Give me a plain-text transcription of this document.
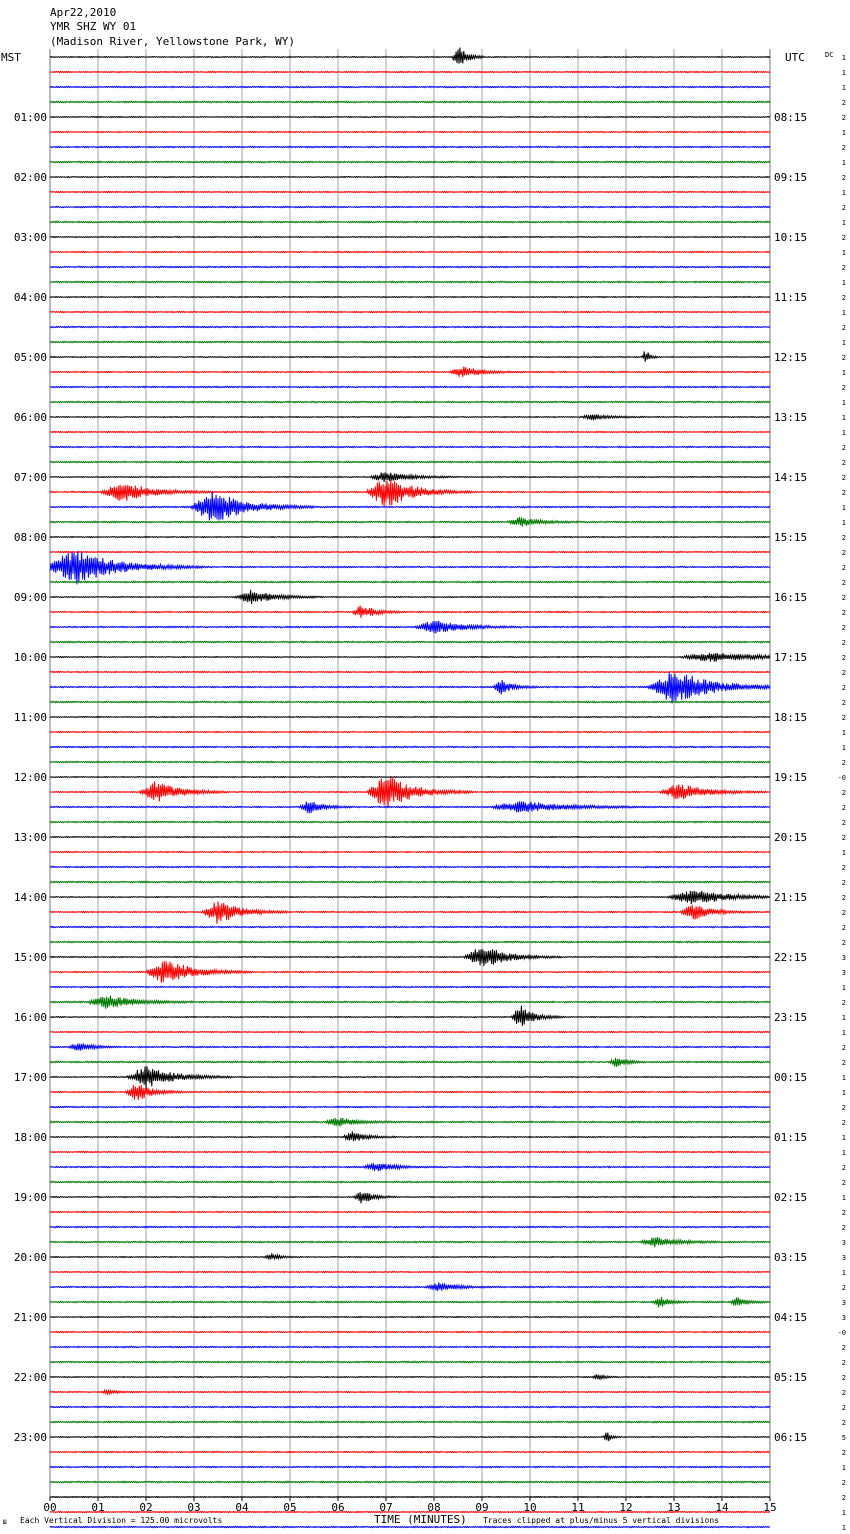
Apr22,2010
YMR SHZ WY 01
(Madison River, Yellowstone Park, WY)
MST	UTC	DC
01:00
02:00
03:00
04:00
05:00
06:00
07:00
08:00
09:00
10:00
11:00
12:00
13:00
14:00
15:00
16:00
17:00
18:00
19:00
20:00
21:00
22:00
23:00
08:15
09:15
10:15
11:15
12:15
13:15
14:15
15:15
16:15
17:15
18:15
19:15
20:15
21:15
22:15
23:15
00:15
01:15
02:15
03:15
04:15
05:15
06:15
1
1
1
2
2
1
2
1
2
1
2
1
2
1
2
1
2
1
2
1
2
1
2
1
1
1
2
2
2
2
1
1
2
2
2
2
2
2
2
2
2
2
2
2
2
1
1
2
-0
2
2
2
2
1
2
2
2
2
2
2
3
3
1
2
1
1
2
2
1
1
2
2
1
1
2
2
1
2
2
3
3
1
2
3
3
-0
2
2
2
2
2
2
5
2
1
2
2
1
1
00	01	02	03	04	05	06	07	08	09	10	11	12	13	14	15
Ш Each Vertical Division = 125.00 microvolts	TIME (MINUTES) Traces clipped at plus/minus 5 vertical divisions
